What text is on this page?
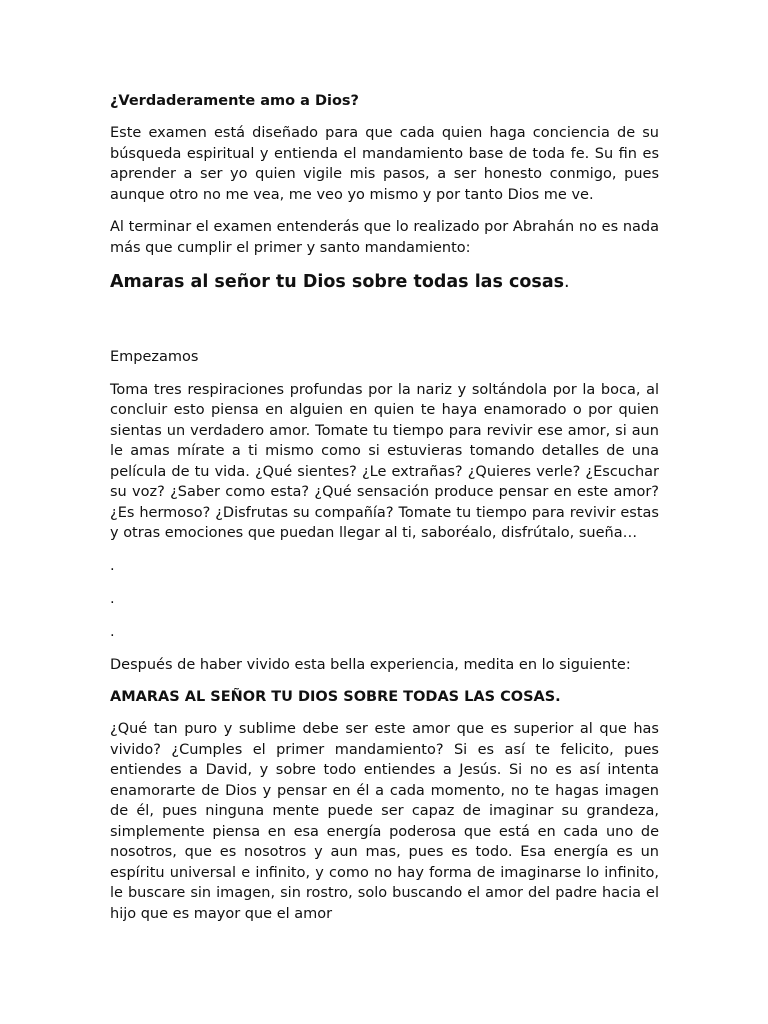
¿Verdaderamente amo a Dios?
Este examen está diseñado para que cada quien haga conciencia de su búsqueda espiritual y entienda el mandamiento base de toda fe. Su fin es aprender a ser yo quien vigile mis pasos, a ser honesto conmigo, pues aunque otro no me vea, me veo yo mismo y por tanto Dios me ve.
Al terminar el examen entenderás que lo realizado por Abrahán no es nada más que cumplir el primer y santo mandamiento:
Amaras al señor tu Dios sobre todas las cosas.
Empezamos
Toma tres respiraciones profundas por la nariz y soltándola por la boca, al concluir esto piensa en alguien en quien te haya enamorado o por quien sientas un verdadero amor. Tomate tu tiempo para revivir ese amor, si aun le amas mírate a ti mismo como si estuvieras tomando detalles de una película de tu vida. ¿Qué sientes? ¿Le extrañas? ¿Quieres verle? ¿Escuchar su voz? ¿Saber como esta? ¿Qué sensación produce pensar en este amor? ¿Es hermoso? ¿Disfrutas su compañía? Tomate tu tiempo para revivir estas y otras emociones que puedan llegar al ti, saboréalo, disfrútalo, sueña…
.
.
.
Después de haber vivido esta bella experiencia, medita en lo siguiente:
AMARAS AL SEÑOR TU DIOS SOBRE TODAS LAS COSAS.
¿Qué tan puro y sublime debe ser este amor que es superior al que has vivido? ¿Cumples el primer mandamiento? Si es así te felicito, pues entiendes a David, y sobre todo entiendes a Jesús. Si no es así intenta enamorarte de Dios y pensar en él a cada momento, no te hagas imagen de él, pues ninguna mente puede ser capaz de imaginar su grandeza, simplemente piensa en esa energía poderosa que está en cada uno de nosotros, que es nosotros y aun mas, pues es todo. Esa energía es un espíritu universal e infinito, y como no hay forma de imaginarse lo infinito, le buscare sin imagen, sin rostro, solo buscando el amor del padre hacia el hijo que es mayor que el amor
